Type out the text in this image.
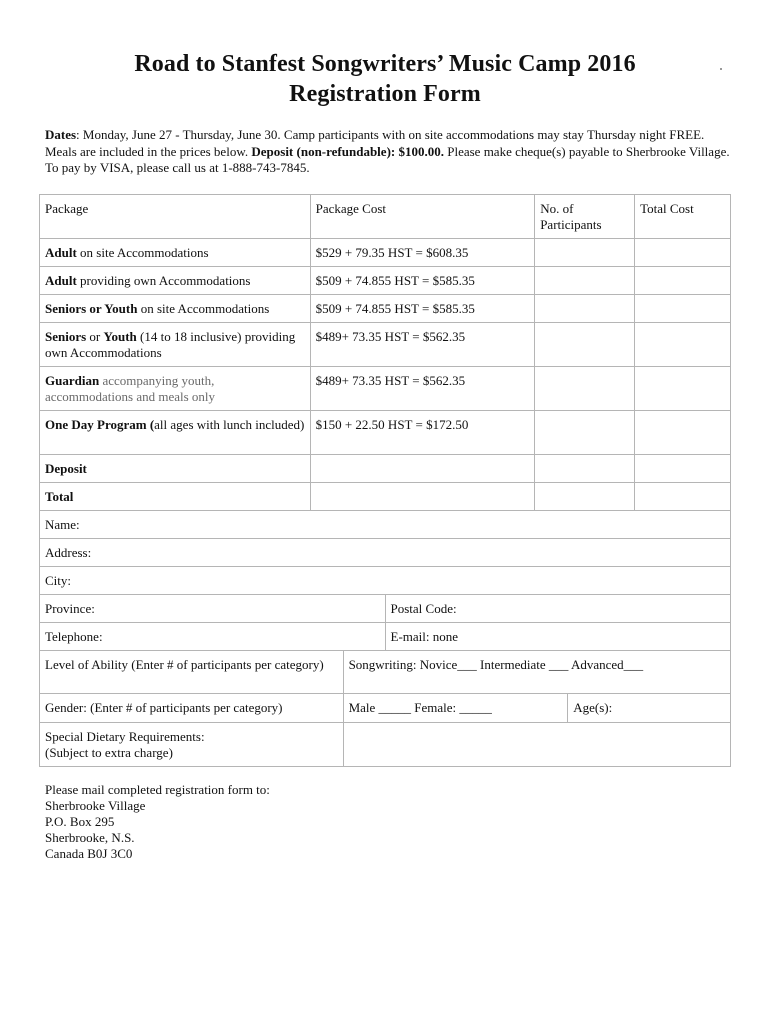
Road to Stanfest Songwriters’ Music Camp 2016
Registration Form
Dates: Monday, June 27 - Thursday, June 30. Camp participants with on site accommodations may stay Thursday night FREE. Meals are included in the prices below. Deposit (non-refundable): $100.00. Please make cheque(s) payable to Sherbrooke Village. To pay by VISA, please call us at 1-888-743-7845.
Package	Package Cost	No. of Participants	Total Cost
Adult on site Accommodations	$529 + 79.35 HST = $608.35		
Adult providing own Accommodations	$509 + 74.855 HST = $585.35		
Seniors or Youth on site Accommodations	$509 + 74.855 HST = $585.35		
Seniors or Youth (14 to 18 inclusive) providing own Accommodations	$489+ 73.35 HST = $562.35		
Guardian accompanying youth, accommodations and meals only	$489+ 73.35 HST = $562.35		
One Day Program (all ages with lunch included)	$150 + 22.50 HST = $172.50		
Deposit			
Total			
Name:	
Address:	
City:	
Province:	Postal Code:
Telephone:	E-mail: none
Level of Ability (Enter # of participants per category)	Songwriting: Novice___ Intermediate ___ Advanced___	
Gender: (Enter # of participants per category)	Male _____ Female: _____	Age(s):

Special Dietary Requirements:
(Subject to extra charge)		

Please mail completed registration form to:
Sherbrooke Village
P.O. Box 295
Sherbrooke, N.S.
Canada B0J 3C0
